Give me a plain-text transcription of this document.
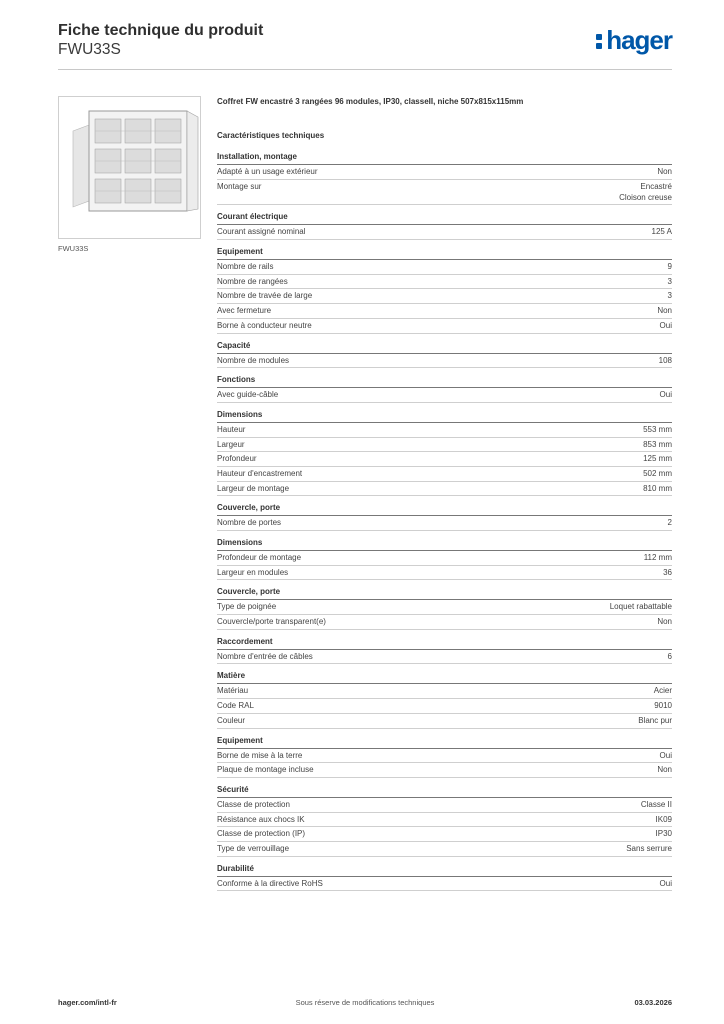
Fiche technique du produit
FWU33S	hager
FWU33S
Coffret FW encastré 3 rangées 96 modules, IP30, classeII, niche 507x815x115mm
Caractéristiques techniques
Installation, montage
Adapté à un usage extérieur	Non
Montage sur	Encastré
Cloison creuse
Courant électrique
Courant assigné nominal	125 A
Equipement
Nombre de rails	9
Nombre de rangées	3
Nombre de travée de large	3
Avec fermeture	Non
Borne à conducteur neutre	Oui
Capacité
Nombre de modules	108
Fonctions
Avec guide-câble	Oui
Dimensions
Hauteur	553 mm
Largeur	853 mm
Profondeur	125 mm
Hauteur d'encastrement	502 mm
Largeur de montage	810 mm
Couvercle, porte
Nombre de portes	2
Dimensions
Profondeur de montage	112 mm
Largeur en modules	36
Couvercle, porte
Type de poignée	Loquet rabattable
Couvercle/porte transparent(e)	Non
Raccordement
Nombre d'entrée de câbles	6
Matière
Matériau	Acier
Code RAL	9010
Couleur	Blanc pur
Equipement
Borne de mise à la terre	Oui
Plaque de montage incluse	Non
Sécurité
Classe de protection	Classe II
Résistance aux chocs IK	IK09
Classe de protection (IP)	IP30
Type de verrouillage	Sans serrure
Durabilité
Conforme à la directive RoHS	Oui
Sous réserve de modifications techniques
hager.com/intl-fr	03.03.2026
